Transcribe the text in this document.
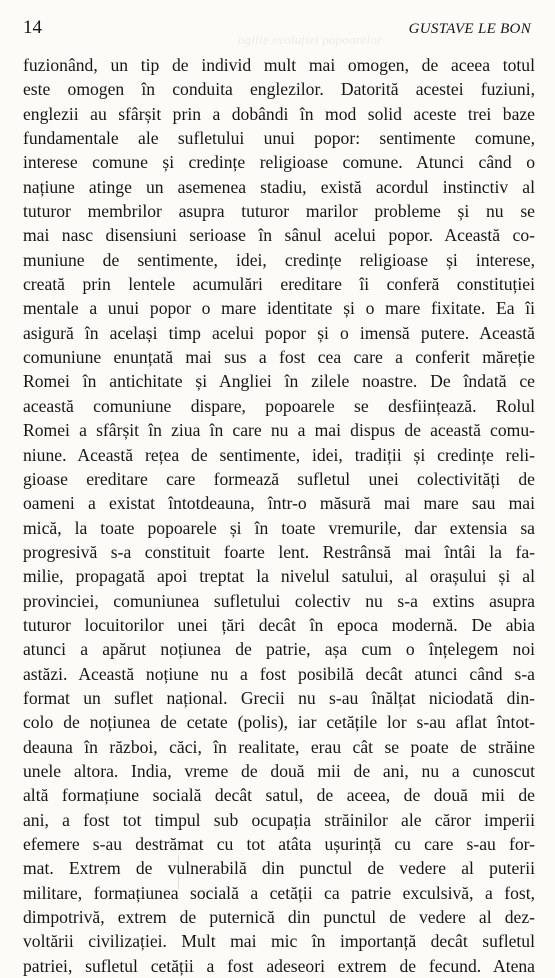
ogiile evoluției popoarelor
14	GUSTAVE LE BON
fuzionând, un tip de individ mult mai omogen, de aceea totul
este omogen în conduita englezilor. Datorită acestei fuziuni,
englezii au sfârșit prin a dobândi în mod solid aceste trei baze
fundamentale ale sufletului unui popor: sentimente comune,
interese comune și credințe religioase comune. Atunci când o
națiune atinge un asemenea stadiu, există acordul instinctiv al
tuturor membrilor asupra tuturor marilor probleme și nu se
mai nasc disensiuni serioase în sânul acelui popor. Această co-
muniune de sentimente, idei, credințe religioase și interese,
creată prin lentele acumulări ereditare îi conferă constituției
mentale a unui popor o mare identitate și o mare fixitate. Ea îi
asigură în același timp acelui popor și o imensă putere. Această
comuniune enunțată mai sus a fost cea care a conferit măreție
Romei în antichitate și Angliei în zilele noastre. De îndată ce
această comuniune dispare, popoarele se desființează. Rolul
Romei a sfârșit în ziua în care nu a mai dispus de această comu-
niune. Această rețea de sentimente, idei, tradiții și credințe reli-
gioase ereditare care formează sufletul unei colectivități de
oameni a existat întotdeauna, într-o măsură mai mare sau mai
mică, la toate popoarele și în toate vremurile, dar extensia sa
progresivă s-a constituit foarte lent. Restrânsă mai întâi la fa-
milie, propagată apoi treptat la nivelul satului, al orașului și al
provinciei, comuniunea sufletului colectiv nu s-a extins asupra
tuturor locuitorilor unei țări decât în epoca modernă. De abia
atunci a apărut noțiunea de patrie, așa cum o înțelegem noi
astăzi. Această noțiune nu a fost posibilă decât atunci când s-a
format un suflet național. Grecii nu s-au înălțat niciodată din-
colo de noțiunea de cetate (polis), iar cetățile lor s-au aflat întot-
deauna în război, căci, în realitate, erau cât se poate de străine
unele altora. India, vreme de două mii de ani, nu a cunoscut
altă formațiune socială decât satul, de aceea, de două mii de
ani, a fost tot timpul sub ocupația străinilor ale căror imperii
efemere s-au destrămat cu tot atâta ușurință cu care s-au for-
mat. Extrem de vulnerabilă din punctul de vedere al puterii
militare, formațiunea socială a cetății ca patrie exculsivă, a fost,
dimpotrivă, extrem de puternică din punctul de vedere al dez-
voltării civilizației. Mult mai mic în importanță decât sufletul
patriei, sufletul cetății a fost adeseori extrem de fecund. Atena
